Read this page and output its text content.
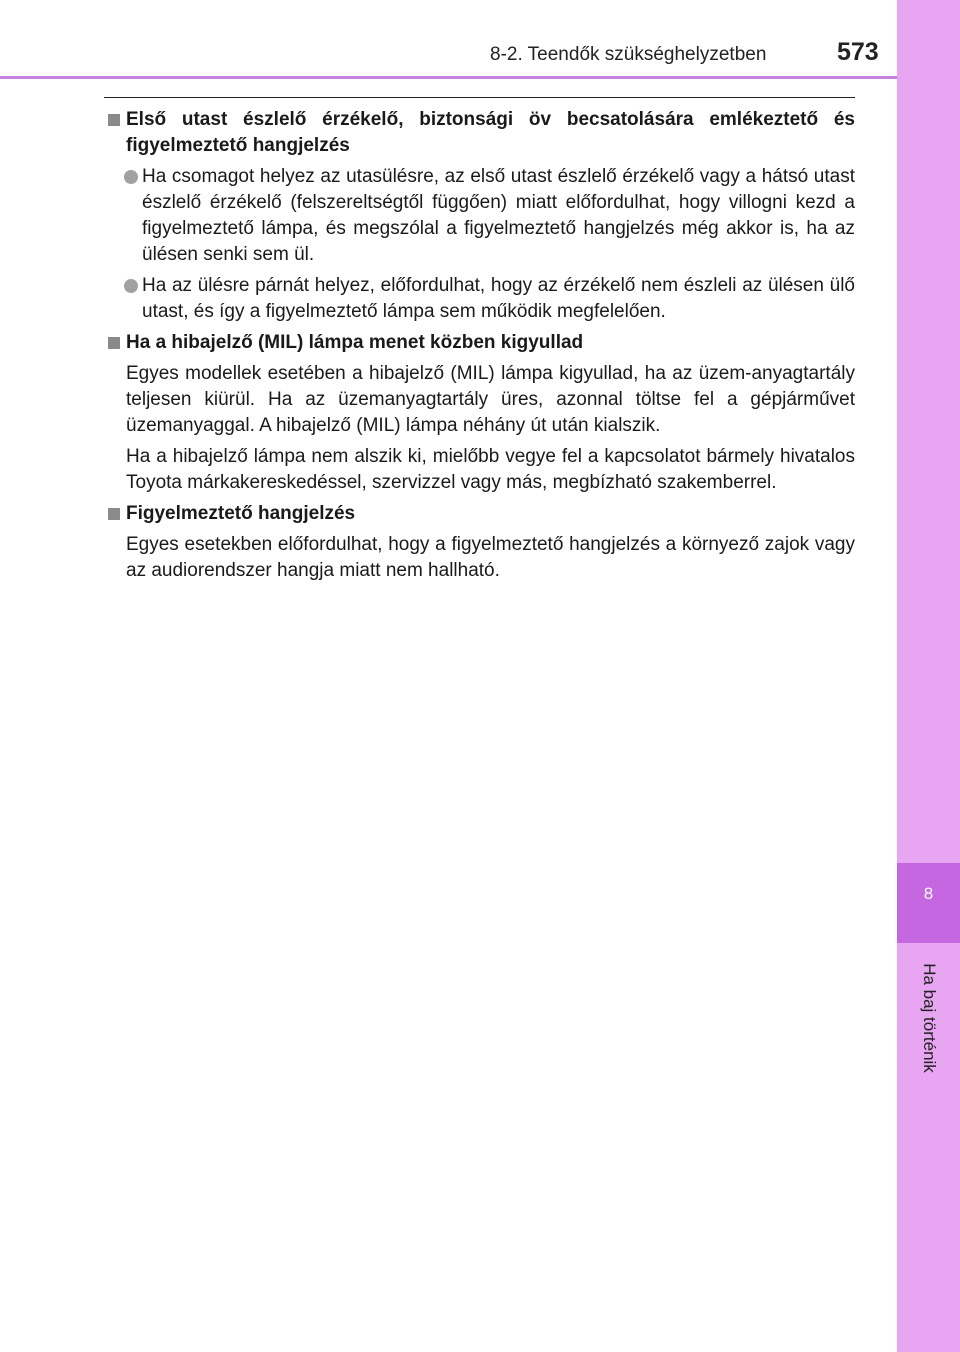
8
Ha baj történik
8-2. Teendők szükséghelyzetben	573
Első utast észlelő érzékelő, biztonsági öv becsatolására emlékeztető és figyelmeztető hangjelzés
Ha csomagot helyez az utasülésre, az első utast észlelő érzékelő vagy a hátsó utast észlelő érzékelő (felszereltségtől függően) miatt előfordulhat, hogy villogni kezd a figyelmeztető lámpa, és megszólal a figyelmeztető hangjelzés még akkor is, ha az ülésen senki sem ül.
Ha az ülésre párnát helyez, előfordulhat, hogy az érzékelő nem észleli az ülésen ülő utast, és így a figyelmeztető lámpa sem működik megfelelően.
Ha a hibajelző (MIL) lámpa menet közben kigyullad
Egyes modellek esetében a hibajelző (MIL) lámpa kigyullad, ha az üzem-anyagtartály teljesen kiürül. Ha az üzemanyagtartály üres, azonnal töltse fel a gépjárművet üzemanyaggal. A hibajelző (MIL) lámpa néhány út után kialszik.
Ha a hibajelző lámpa nem alszik ki, mielőbb vegye fel a kapcsolatot bármely hivatalos Toyota márkakereskedéssel, szervizzel vagy más, megbízható szakemberrel.
Figyelmeztető hangjelzés
Egyes esetekben előfordulhat, hogy a figyelmeztető hangjelzés a környező zajok vagy az audiorendszer hangja miatt nem hallható.
